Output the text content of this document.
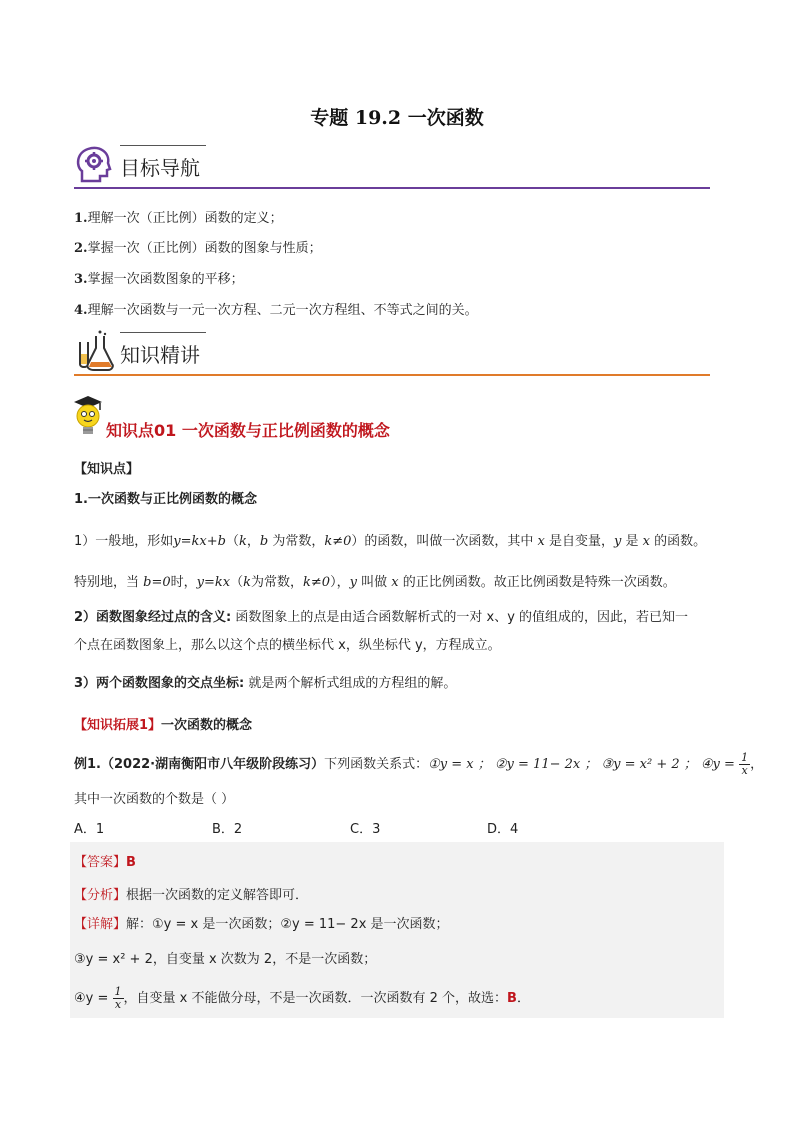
专题 19.2 一次函数
目标导航
1.理解一次（正比例）函数的定义；
2.掌握一次（正比例）函数的图象与性质；
3.掌握一次函数图象的平移；
4.理解一次函数与一元一次方程、二元一次方程组、不等式之间的关。
知识精讲
知识点01 一次函数与正比例函数的概念
【知识点】
1.一次函数与正比例函数的概念
1）一般地，形如y=kx+b（k，b 为常数，k≠0）的函数，叫做一次函数，其中 x 是自变量，y 是 x 的函数。
特别地，当 b=0时，y=kx（k为常数，k≠0），y 叫做 x 的正比例函数。故正比例函数是特殊一次函数。
2）函数图象经过点的含义: 函数图象上的点是由适合函数解析式的一对 x、y 的值组成的，因此，若已知一
个点在函数图象上，那么以这个点的横坐标代 x，纵坐标代 y，方程成立。
3）两个函数图象的交点坐标: 就是两个解析式组成的方程组的解。
【知识拓展1】一次函数的概念
例1.（2022·湖南衡阳市八年级阶段练习）下列函数关系式：①y = x ； ②y = 11− 2x ； ③y = x² + 2 ； ④y = $\frac{1}{x}$ ，
其中一次函数的个数是（ ）
A．1	B．2	C．3	D．4
【答案】B
【分析】根据一次函数的定义解答即可．
【详解】解：①y = x 是一次函数；②y = 11− 2x 是一次函数；
③y = x² + 2，自变量 x 次数为 2，不是一次函数；
④y = $\frac{1}{x}$ ，自变量 x 不能做分母，不是一次函数．一次函数有 2 个，故选：B．
